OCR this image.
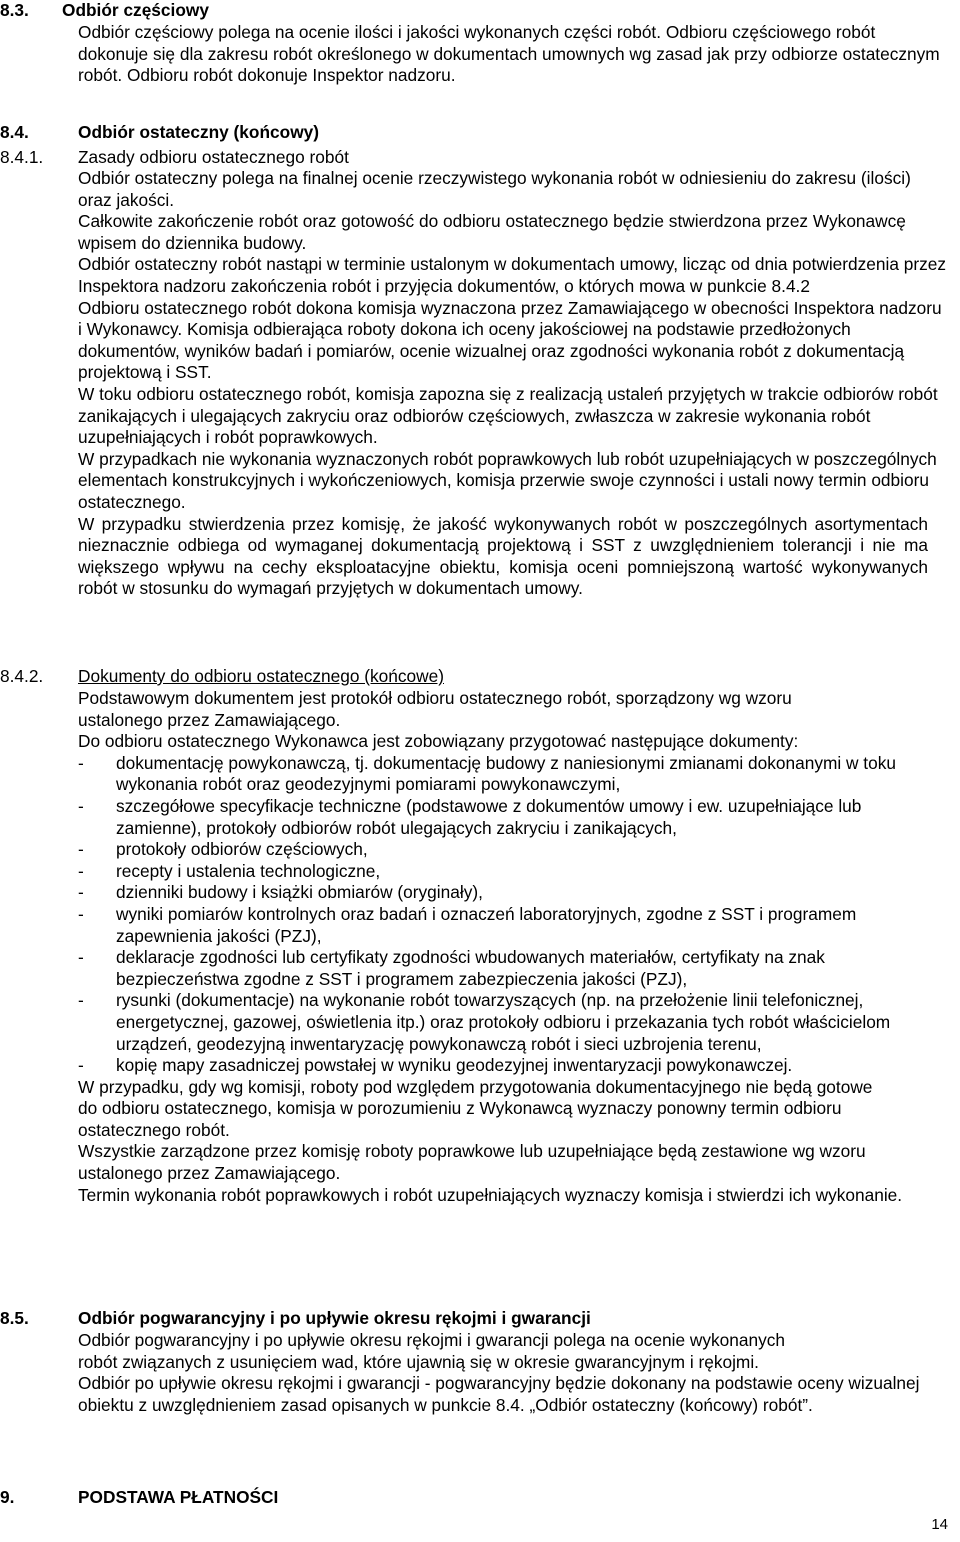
8.3. Odbiór częściowy

Odbiór częściowy polega na ocenie ilości i jakości wykonanych części robót. Odbioru częściowego robót dokonuje się dla zakresu robót określonego w dokumentach umownych wg zasad jak przy odbiorze ostatecznym robót. Odbioru robót dokonuje Inspektor nadzoru.

8.4.	Odbiór ostateczny (końcowy)
8.4.1. Zasady odbioru ostatecznego robót

Odbiór ostateczny polega na finalnej ocenie rzeczywistego wykonania robót w odniesieniu do zakresu (ilości) oraz jakości.

Całkowite zakończenie robót oraz gotowość do odbioru ostatecznego będzie stwierdzona przez Wykonawcę wpisem do dziennika budowy.

Odbiór ostateczny robót nastąpi w terminie ustalonym w dokumentach umowy, licząc od dnia potwierdzenia przez Inspektora nadzoru zakończenia robót i przyjęcia dokumentów, o których mowa w punkcie 8.4.2

Odbioru ostatecznego robót dokona komisja wyznaczona przez Zamawiającego w obecności Inspektora nadzoru i Wykonawcy. Komisja odbierająca roboty dokona ich oceny jakościowej na podstawie przedłożonych dokumentów, wyników badań i pomiarów, ocenie wizualnej oraz zgodności wykonania robót z dokumentacją projektową i SST.

W toku odbioru ostatecznego robót, komisja zapozna się z realizacją ustaleń przyjętych w trakcie odbiorów robót zanikających i ulegających zakryciu oraz odbiorów częściowych, zwłaszcza w zakresie wykonania robót uzupełniających i robót poprawkowych.

W przypadkach nie wykonania wyznaczonych robót poprawkowych lub robót uzupełniających w poszczególnych elementach konstrukcyjnych i wykończeniowych, komisja przerwie swoje czynności i ustali nowy termin odbioru ostatecznego.

W przypadku stwierdzenia przez komisję, że jakość wykonywanych robót w poszczególnych asortymentach nieznacznie odbiega od wymaganej dokumentacją projektową i SST z uwzględnieniem tolerancji i nie ma większego wpływu na cechy eksploatacyjne obiektu, komisja oceni pomniejszoną wartość wykonywanych robót w stosunku do wymagań przyjętych w dokumentach umowy.

8.4.2. Dokumenty do odbioru ostatecznego (końcowe)

Podstawowym dokumentem jest protokół odbioru ostatecznego robót, sporządzony wg wzoru ustalonego przez Zamawiającego.

Do odbioru ostatecznego Wykonawca jest zobowiązany przygotować następujące dokumenty:

- dokumentację powykonawczą, tj. dokumentację budowy z naniesionymi zmianami dokonanymi w toku wykonania robót oraz geodezyjnymi pomiarami powykonawczymi,
- szczegółowe specyfikacje techniczne (podstawowe z dokumentów umowy i ew. uzupełniające lub zamienne), protokoły odbiorów robót ulegających zakryciu i zanikających,
- protokoły odbiorów częściowych,
- recepty i ustalenia technologiczne,
- dzienniki budowy i książki obmiarów (oryginały),
- wyniki pomiarów kontrolnych oraz badań i oznaczeń laboratoryjnych, zgodne z SST i programem zapewnienia jakości (PZJ),
- deklaracje zgodności lub certyfikaty zgodności wbudowanych materiałów, certyfikaty na znak bezpieczeństwa zgodne z SST i programem zabezpieczenia jakości (PZJ),
- rysunki (dokumentacje) na wykonanie robót towarzyszących (np. na przełożenie linii telefonicznej, energetycznej, gazowej, oświetlenia itp.) oraz protokoły odbioru i przekazania tych robót właścicielom urządzeń, geodezyjną inwentaryzację powykonawczą robót i sieci uzbrojenia terenu,
- kopię mapy zasadniczej powstałej w wyniku geodezyjnej inwentaryzacji powykonawczej.

W przypadku, gdy wg komisji, roboty pod względem przygotowania dokumentacyjnego nie będą gotowe do odbioru ostatecznego, komisja w porozumieniu z Wykonawcą wyznaczy ponowny termin odbioru ostatecznego robót.

Wszystkie zarządzone przez komisję roboty poprawkowe lub uzupełniające będą zestawione wg wzoru ustalonego przez Zamawiającego.

Termin wykonania robót poprawkowych i robót uzupełniających wyznaczy komisja i stwierdzi ich wykonanie.

8.5.	Odbiór pogwarancyjny i po upływie okresu rękojmi i gwarancji

Odbiór pogwarancyjny i po upływie okresu rękojmi i gwarancji polega na ocenie wykonanych robót związanych z usunięciem wad, które ujawnią się w okresie gwarancyjnym i rękojmi.

Odbiór po upływie okresu rękojmi i gwarancji - pogwarancyjny będzie dokonany na podstawie oceny wizualnej obiektu z uwzględnieniem zasad opisanych w punkcie 8.4. „Odbiór ostateczny (końcowy) robót”.

9.	PODSTAWA PŁATNOŚCI
14
